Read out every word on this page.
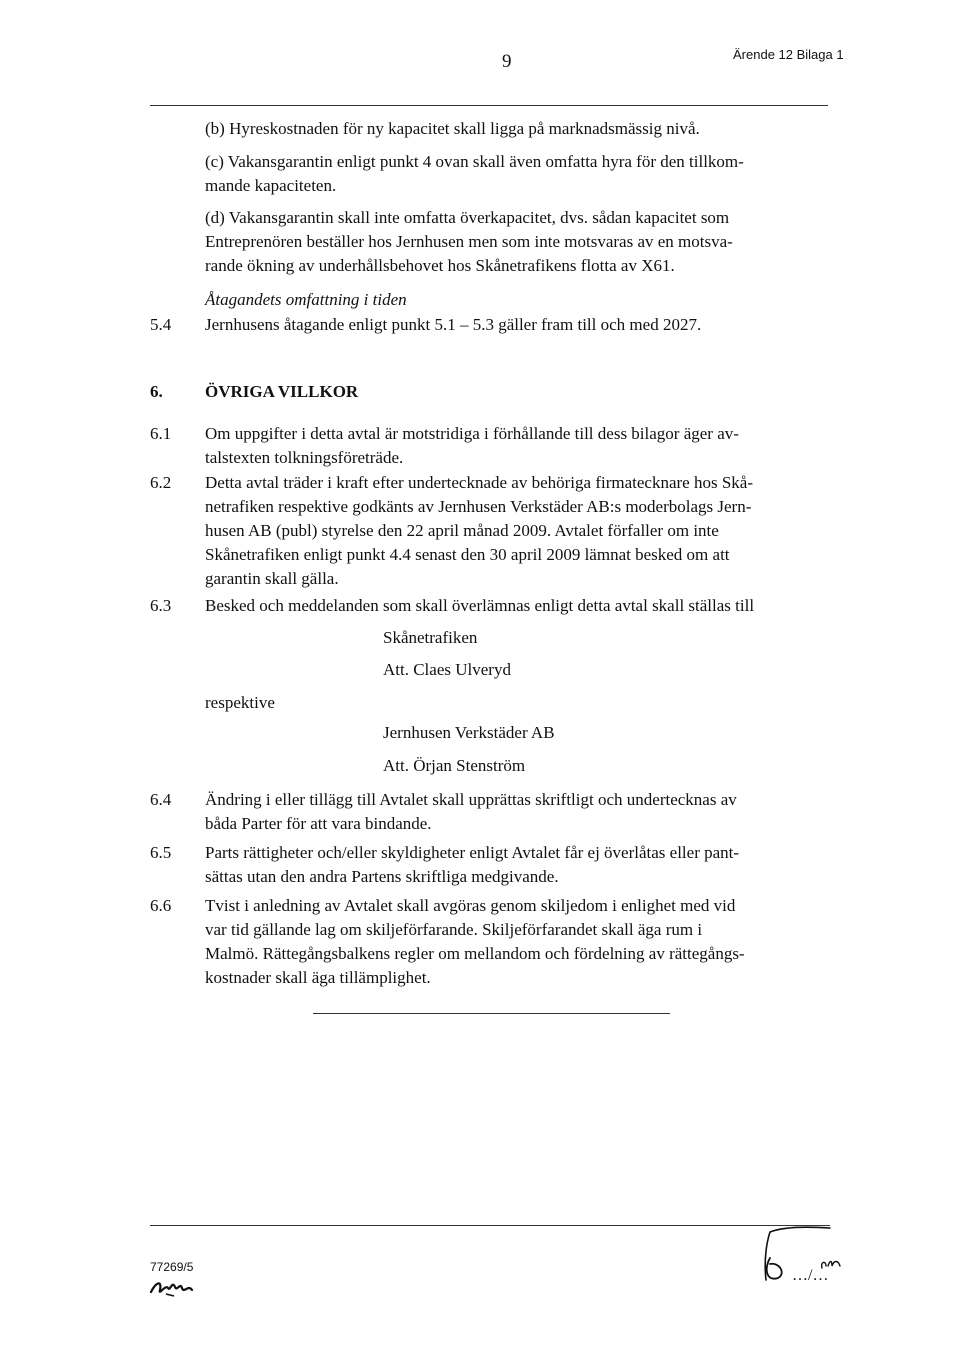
9	Ärende 12 Bilaga 1
(b) Hyreskostnaden för ny kapacitet skall ligga på marknadsmässig nivå.
(c) Vakansgarantin enligt punkt 4 ovan skall även omfatta hyra för den tillkom-
mande kapaciteten.
(d) Vakansgarantin skall inte omfatta överkapacitet, dvs. sådan kapacitet som
Entreprenören beställer hos Jernhusen men som inte motsvaras av en motsva-
rande ökning av underhållsbehovet hos Skånetrafikens flotta av X61.
Åtagandets omfattning i tiden
5.4 Jernhusens åtagande enligt punkt 5.1 – 5.3 gäller fram till och med 2027.
6. ÖVRIGA VILLKOR
6.1 Om uppgifter i detta avtal är motstridiga i förhållande till dess bilagor äger av-
talstexten tolkningsföreträde.
6.2 Detta avtal träder i kraft efter undertecknade av behöriga firmatecknare hos Skå-
netrafiken respektive godkänts av Jernhusen Verkstäder AB:s moderbolags Jern-
husen AB (publ) styrelse den 22 april månad 2009. Avtalet förfaller om inte
Skånetrafiken enligt punkt 4.4 senast den 30 april 2009 lämnat besked om att
garantin skall gälla.
6.3 Besked och meddelanden som skall överlämnas enligt detta avtal skall ställas till
Skånetrafiken
Att. Claes Ulveryd
respektive
Jernhusen Verkstäder AB
Att. Örjan Stenström
6.4 Ändring i eller tillägg till Avtalet skall upprättas skriftligt och undertecknas av
båda Parter för att vara bindande.
6.5 Parts rättigheter och/eller skyldigheter enligt Avtalet får ej överlåtas eller pant-
sättas utan den andra Partens skriftliga medgivande.
6.6 Tvist i anledning av Avtalet skall avgöras genom skiljedom i enlighet med vid
var tid gällande lag om skiljeförfarande. Skiljeförfarandet skall äga rum i
Malmö. Rättegångsbalkens regler om mellandom och fördelning av rättegångs-
kostnader skall äga tillämplighet.
77269/5	…/…
